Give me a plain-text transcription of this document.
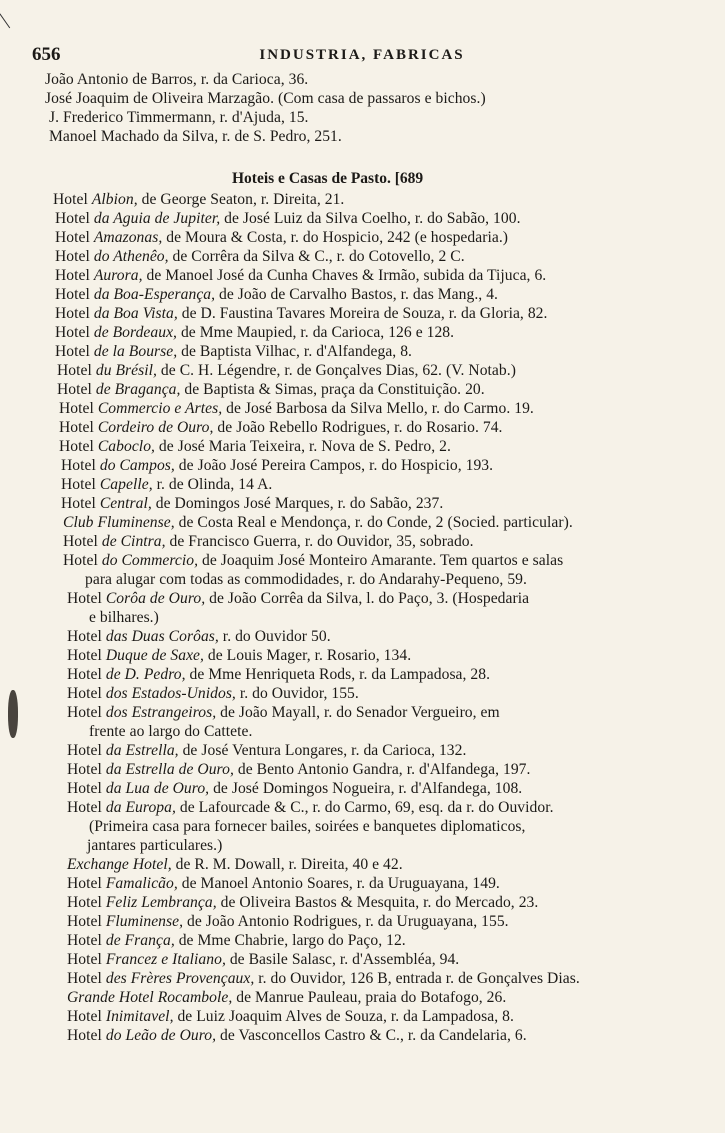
656	INDUSTRIA, FABRICAS
João Antonio de Barros, r. da Carioca, 36.
José Joaquim de Oliveira Marzagão. (Com casa de passaros e bichos.)
J. Frederico Timmermann, r. d'Ajuda, 15.
Manoel Machado da Silva, r. de S. Pedro, 251.
Hoteis e Casas de Pasto. [689
Hotel Albion, de George Seaton, r. Direita, 21.
Hotel da Aguia de Jupiter, de José Luiz da Silva Coelho, r. do Sabão, 100.
Hotel Amazonas, de Moura & Costa, r. do Hospicio, 242 (e hospedaria.)
Hotel do Athenêo, de Corrêra da Silva & C., r. do Cotovello, 2 C.
Hotel Aurora, de Manoel José da Cunha Chaves & Irmão, subida da Tijuca, 6.
Hotel da Boa-Esperança, de João de Carvalho Bastos, r. das Mang., 4.
Hotel da Boa Vista, de D. Faustina Tavares Moreira de Souza, r. da Gloria, 82.
Hotel de Bordeaux, de Mme Maupied, r. da Carioca, 126 e 128.
Hotel de la Bourse, de Baptista Vilhac, r. d'Alfandega, 8.
Hotel du Brésil, de C. H. Légendre, r. de Gonçalves Dias, 62. (V. Notab.)
Hotel de Bragança, de Baptista & Simas, praça da Constituição. 20.
Hotel Commercio e Artes, de José Barbosa da Silva Mello, r. do Carmo. 19.
Hotel Cordeiro de Ouro, de João Rebello Rodrigues, r. do Rosario. 74.
Hotel Caboclo, de José Maria Teixeira, r. Nova de S. Pedro, 2.
Hotel do Campos, de João José Pereira Campos, r. do Hospicio, 193.
Hotel Capelle, r. de Olinda, 14 A.
Hotel Central, de Domingos José Marques, r. do Sabão, 237.
Club Fluminense, de Costa Real e Mendonça, r. do Conde, 2 (Socied. particular).
Hotel de Cintra, de Francisco Guerra, r. do Ouvidor, 35, sobrado.
Hotel do Commercio, de Joaquim José Monteiro Amarante. Tem quartos e salas
para alugar com todas as commodidades, r. do Andarahy-Pequeno, 59.
Hotel Corôa de Ouro, de João Corrêa da Silva, l. do Paço, 3. (Hospedaria
e bilhares.)
Hotel das Duas Corôas, r. do Ouvidor 50.
Hotel Duque de Saxe, de Louis Mager, r. Rosario, 134.
Hotel de D. Pedro, de Mme Henriqueta Rods, r. da Lampadosa, 28.
Hotel dos Estados-Unidos, r. do Ouvidor, 155.
Hotel dos Estrangeiros, de João Mayall, r. do Senador Vergueiro, em
frente ao largo do Cattete.
Hotel da Estrella, de José Ventura Longares, r. da Carioca, 132.
Hotel da Estrella de Ouro, de Bento Antonio Gandra, r. d'Alfandega, 197.
Hotel da Lua de Ouro, de José Domingos Nogueira, r. d'Alfandega, 108.
Hotel da Europa, de Lafourcade & C., r. do Carmo, 69, esq. da r. do Ouvidor.
(Primeira casa para fornecer bailes, soirées e banquetes diplomaticos,
jantares particulares.)
Exchange Hotel, de R. M. Dowall, r. Direita, 40 e 42.
Hotel Famalicão, de Manoel Antonio Soares, r. da Uruguayana, 149.
Hotel Feliz Lembrança, de Oliveira Bastos & Mesquita, r. do Mercado, 23.
Hotel Fluminense, de João Antonio Rodrigues, r. da Uruguayana, 155.
Hotel de França, de Mme Chabrie, largo do Paço, 12.
Hotel Francez e Italiano, de Basile Salasc, r. d'Assembléa, 94.
Hotel des Frères Provençaux, r. do Ouvidor, 126 B, entrada r. de Gonçalves Dias.
Grande Hotel Rocambole, de Manrue Pauleau, praia do Botafogo, 26.
Hotel Inimitavel, de Luiz Joaquim Alves de Souza, r. da Lampadosa, 8.
Hotel do Leão de Ouro, de Vasconcellos Castro & C., r. da Candelaria, 6.
